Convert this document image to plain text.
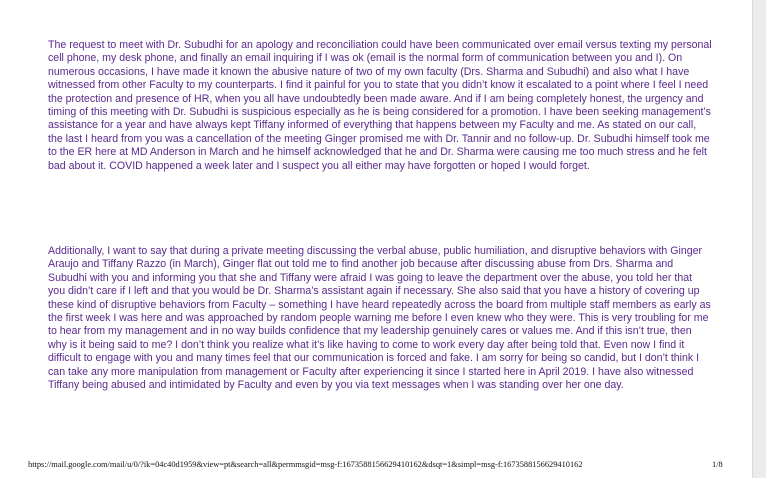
The request to meet with Dr. Subudhi for an apology and reconciliation could have been communicated over email versus texting my personal cell phone, my desk phone, and finally an email inquiring if I was ok (email is the normal form of communication between you and I). On numerous occasions, I have made it known the abusive nature of two of my own faculty (Drs. Sharma and Subudhi) and also what I have witnessed from other Faculty to my counterparts. I find it painful for you to state that you didn’t know it escalated to a point where I feel I need the protection and presence of HR, when you all have undoubtedly been made aware. And if I am being completely honest, the urgency and timing of this meeting with Dr. Subudhi is suspicious especially as he is being considered for a promotion. I have been seeking management’s assistance for a year and have always kept Tiffany informed of everything that happens between my Faculty and me. As stated on our call, the last I heard from you was a cancellation of the meeting Ginger promised me with Dr. Tannir and no follow-up. Dr. Subudhi himself took me to the ER here at MD Anderson in March and he himself acknowledged that he and Dr. Sharma were causing me too much stress and he felt bad about it. COVID happened a week later and I suspect you all either may have forgotten or hoped I would forget.

Additionally, I want to say that during a private meeting discussing the verbal abuse, public humiliation, and disruptive behaviors with Ginger Araujo and Tiffany Razzo (in March), Ginger flat out told me to find another job because after discussing abuse from Drs. Sharma and Subudhi with you and informing you that she and Tiffany were afraid I was going to leave the department over the abuse, you told her that you didn’t care if I left and that you would be Dr. Sharma’s assistant again if necessary. She also said that you have a history of covering up these kind of disruptive behaviors from Faculty – something I have heard repeatedly across the board from multiple staff members as early as the first week I was here and was approached by random people warning me before I even knew who they were. This is very troubling for me to hear from my management and in no way builds confidence that my leadership genuinely cares or values me. And if this isn’t true, then why is it being said to me? I don’t think you realize what it’s like having to come to work every day after being told that. Even now I find it difficult to engage with you and many times feel that our communication is forced and fake. I am sorry for being so candid, but I don’t think I can take any more manipulation from management or Faculty after experiencing it since I started here in April 2019. I have also witnessed Tiffany being abused and intimidated by Faculty and even by you via text messages when I was standing over her one day.

https://mail.google.com/mail/u/0/?ik=04c40d1959&view=pt&search=all&permmsgid=msg-f:1673588156629410162&dsqt=1&simpl=msg-f:1673588156629410162	1/8
